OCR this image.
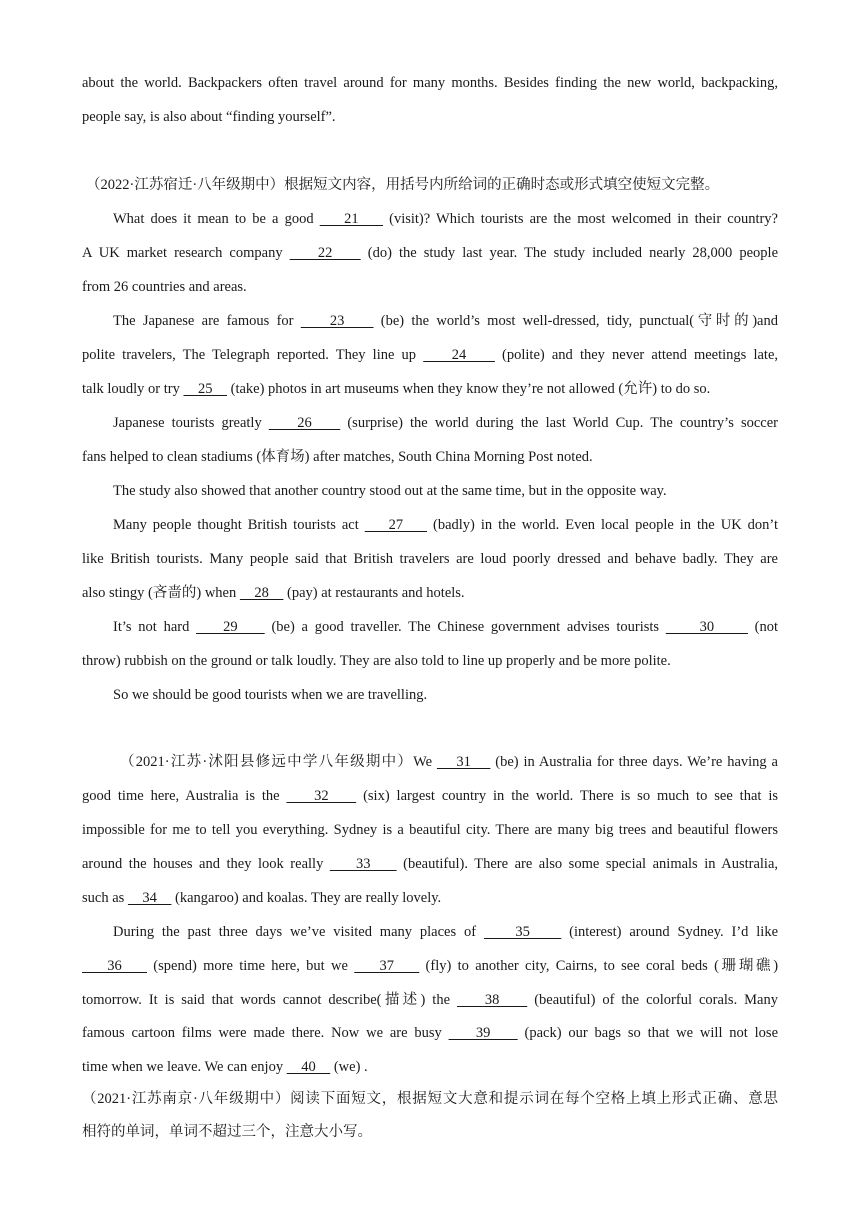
about the world. Backpackers often travel around for many months. Besides finding the new world, backpacking,
people say, is also about “finding yourself”.
（2022·江苏宿迁·八年级期中）根据短文内容，用括号内所给词的正确时态或形式填空使短文完整。
What does it mean to be a good     21     (visit)? Which tourists are the most welcomed in their country?
A UK market research company     22     (do) the study last year. The study included nearly 28,000 people
from 26 countries and areas.
The Japanese are famous for     23     (be) the world’s most well-dressed, tidy, punctual(守时的)and
polite travelers, The Telegraph reported. They line up     24     (polite) and they never attend meetings late,
talk loudly or try     25     (take) photos in art museums when they know they’re not allowed (允许) to do so.
Japanese tourists greatly     26     (surprise) the world during the last World Cup. The country’s soccer
fans helped to clean stadiums (体育场) after matches, South China Morning Post noted.
The study also showed that another country stood out at the same time, but in the opposite way.
Many people thought British tourists act     27     (badly) in the world. Even local people in the UK don’t
like British tourists. Many people said that British travelers are loud poorly dressed and behave badly. They are
also stingy (吝啬的) when     28     (pay) at restaurants and hotels.
It’s not hard     29     (be) a good traveller. The Chinese government advises tourists      30      (not
throw) rubbish on the ground or talk loudly. They are also told to line up properly and be more polite.
So we should be good tourists when we are travelling.
（2021·江苏·沭阳县修远中学八年级期中）We     31     (be) in Australia for three days. We’re having a
good time here, Australia is the     32     (six) largest country in the world. There is so much to see that is
impossible for me to tell you everything. Sydney is a beautiful city. There are many big trees and beautiful flowers
around the houses and they look really     33     (beautiful). There are also some special animals in Australia,
such as     34     (kangaroo) and koalas. They are really lovely.
During the past three days we’ve visited many places of     35     (interest) around Sydney. I’d like
36     (spend) more time here, but we     37     (fly) to another city, Cairns, to see coral beds (珊瑚礁)
tomorrow. It is said that words cannot describe(描述) the     38     (beautiful) of the colorful corals. Many
famous cartoon films were made there. Now we are busy     39     (pack) our bags so that we will not lose
time when we leave. We can enjoy     40     (we) .
（2021·江苏南京·八年级期中）阅读下面短文，根据短文大意和提示词在每个空格上填上形式正确、意思
相符的单词，单词不超过三个，注意大小写。
